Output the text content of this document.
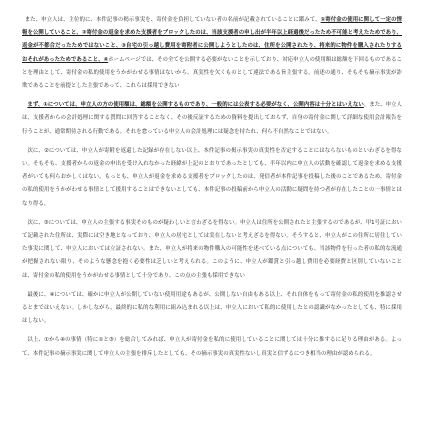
また、申立人は、主位的に、本件記事の掲示事実を、寄付金を負担していない者の名前が記載されていることに鑑みて、①寄付金の使用に関して一定の情報を公開していること、②寄付金の返金を求めた支援者をブロックしたのは、当該支援者の申し出が半年以上経過後だったため不可能と考えたためであり、返金が不都合だったためではないこと、③自宅の引っ越し費用を寄附者に公開しようとしたのは、住所を公開されたり、将来的に物件を購入されたりするおそれがあったためであること、④ホームページでは、その全てを公開する必要がないことを示しており、対応申立人の使用額は総額を下回るものであることを理由として、寄付金の私的使用をうかがわせる事情はないから、真実性を欠くものとして違法である旨主張する。前述の通り、そもそも摘示事実が詐欺であることを前提とした主張であって、これらは採用できない
まず、①については、申立人の方の使用額は、総額を公開するものであり、一般的には公表する必要がなく、公開内容は十分とはいえない。また、申立人は、支援者からの会計処理に関する質問に回答することなく、その後反証するための資料を提出しておらず、自身の寄付金に関して詳細な使用会計報告を行うことが、通常期待される行動である。それを怠っている申立人の会計処理には疑念を持たれ、何ら不自然なことではない。
次に、②については、申立人が寄附を返還した記録が存在しない以上、本件記事の掲示事実の真実性を否定することにはならないものといわざるを得ない。そもそも、支援者からの返金の申出を受け入れなかった経緯が上記のとおりであったとしても、半年以内に申立人の活動を確認して返金を求める支援者がいても何らおかしくはない。もっとも、申立人が返金を求める支援者をブロックしたのは、発信者が本件記事を投稿した後のことであるため、寄付金の私的使用をうかがわせる事情として援用することはできないとしても、本件記事の投稿前から申立人の活動に疑問を持つ者が存在したことの一事情とはなり得る。
次に、③については、申立人の主張する事実そのものが疑わしいと言わざるを得ない。申立人は住所を公開されたと主張するのであるが、甲1号証において記載された住所は、実際には空き地となっており、申立人の居宅としては実在しないと考えざるを得ない。そうすると、申立人がこの住所に居住していた事実に関して、申立人においては立証されない。また、申立人が将来の物件購入の可能性を述べている点についても、当該物件を行った者の私的な流通が把握されない限り、そのような懸念を抱く必要性は乏しいと考えられる。このように、申立人が鑑賞と引っ越し費用を必要経費と区別していないことは、寄付金の私的使用をうかがわせる事情として十分であり、この点の主張も採用できない
最後に、④については、確かに申立人が公開していない使用用途もあるが、公開しない自由もある以上、それ自体をもって寄付金の私的使用を推認させるとまではいえない。しかしながら、最終的に私的な利用に組み込まれる以上は、申立人において私的に使用したとの認識がなかったとしても、特に採用はしない。
以上、①から④の事情（特に①と③）を総合してみれば、申立人が寄付金を私的に使用していることに関しては十分に推するに足りる理由がある。よって、本件記事の摘示事実に関して申立人の主張を排斥したとしても、その摘示事実の真実性ないし真実と信ずるにつき相当の理由が認められる。
